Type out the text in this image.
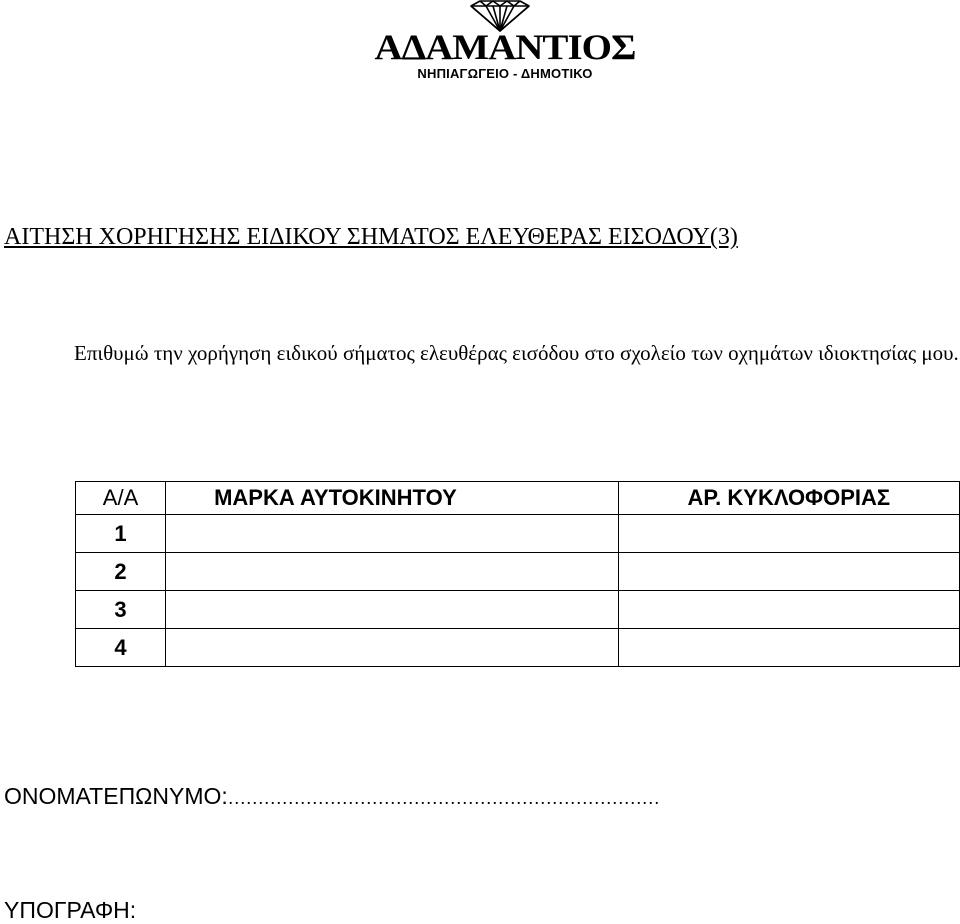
ΑΔΑΜΑΝΤΙΟΣ
ΝΗΠΙΑΓΩΓΕΙΟ - ΔΗΜΟΤΙΚΟ
ΑΙΤΗΣΗ ΧΟΡΗΓΗΣΗΣ ΕΙΔΙΚΟΥ ΣΗΜΑΤΟΣ ΕΛΕΥΘΕΡΑΣ ΕΙΣΟΔΟΥ(3)
Επιθυμώ την χορήγηση ειδικού σήματος ελευθέρας εισόδου στο σχολείο των οχημάτων ιδιοκτησίας μου.
Α/Α	ΜΑΡΚΑ ΑΥΤΟΚΙΝΗΤΟΥ	ΑΡ. ΚΥΚΛΟΦΟΡΙΑΣ
1		
2		
3		
4		
ΟΝΟΜΑΤΕΠΩΝΥΜΟ:………………………………………………………………
ΥΠΟΓΡΑΦΗ:
